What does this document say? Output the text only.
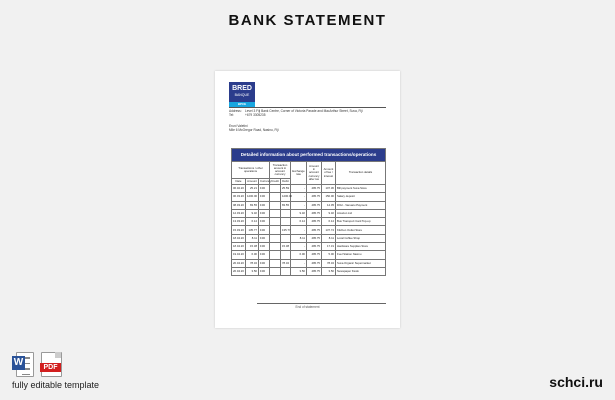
BANK STATEMENT
BRED
BANQUE
BPCE
Address:	Level 3 Fiji Bank Centre, Corner of Victoria Parade and MacArthur Street, Suva, Fiji
Tel:	+679 3305235
Eruni Valetini
Mile 6 McGregor Road, Nasinu, Fiji
Detailed information about performed transactions/operations								
Transactions / other operations			Transaction amount in account currency		Exchange rate	Amount in account currency after tax	Amount of fee / interest	Transaction details
Date	Amount	Currency	Credit	Debit				
06.02.20	25.21	FJD		25.59	-	495.75	107.36	Bill payment Suva Store
06.03.20	1200.00	FJD		1200.00	-	495.75	150.00	Salary deposit
08.03.20	83.55	FJD		83.55	-	495.75	14.05	DIGI - Vanuatu Payment
12.03.20	9.32	FJD			9.32	495.75	9.32	Amazon Ltd
13.03.20	6.14	FJD			6.14	495.75	6.14	Bus Transport Card Top-up
15.03.20	135.77	FJD		135.77	-	495.75	137.74	Kitchen Outlet Store
18.04.20	8.11	FJD			8.11	495.75	8.11	Local Coffee Shop
18.04.20	15.38	FJD		15.38	-	495.75	17.31	Hardware Supplies Store
19.04.20	6.00	FJD			6.00	495.75	5.00	Fuel Station Nasinu
20.04.20	78.32	FJD		78.32	-	495.75	78.32	Suva Organic Supermarket
20.04.20	3.50	FJD			3.50	495.75	3.50	Newspaper Kiosk
End of statement
W	PDF
fully editable template	schci.ru
